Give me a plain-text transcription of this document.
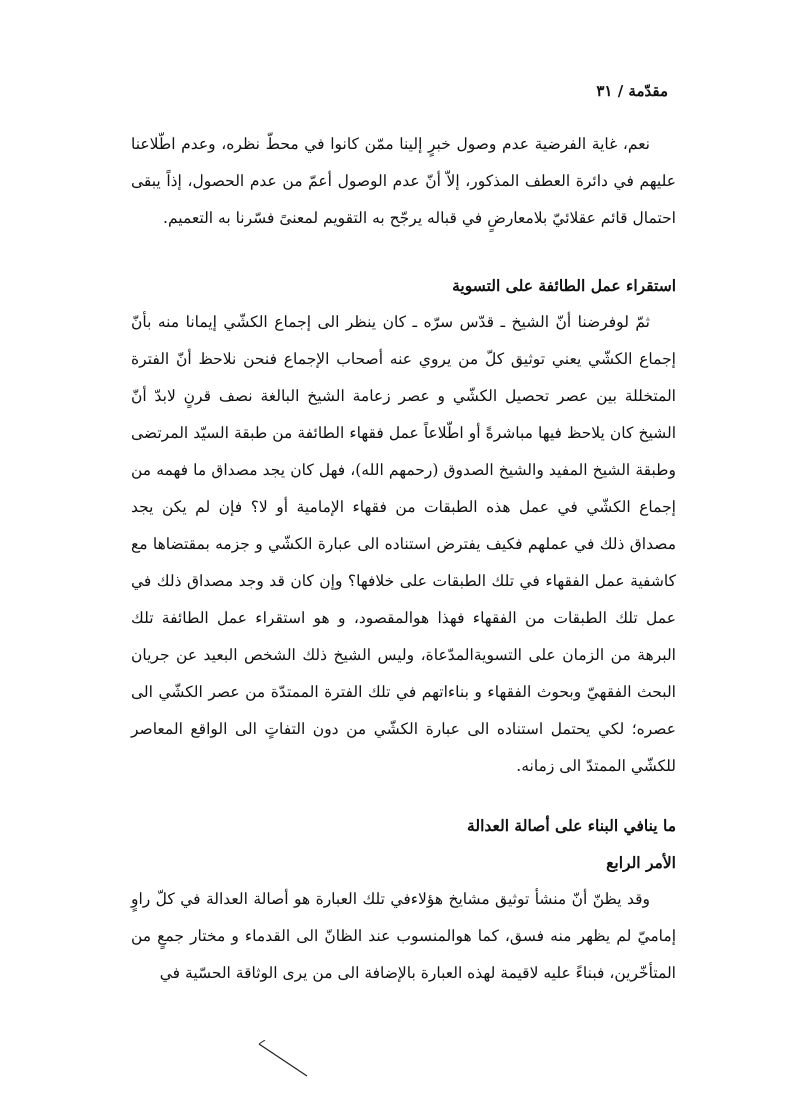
مقدّمة / ٣١

نعم، غاية الفرضية عدم وصول خبرٍ إلينا ممّن كانوا في محطّ نظره، وعدم اطّلاعنا عليهم في دائرة العطف المذكور، إلاّ أنّ عدم الوصول أعمّ من عدم الحصول، إذاً يبقى احتمال قائم عقلائيّ بلامعارضٍ في قباله يرجّح به التقويم لمعنىً فسّرنا به التعميم.

استقراء عمل الطائفة على التسوية

ثمّ لوفرضنا أنّ الشيخ ـ قدّس سرّه ـ كان ينظر الى إجماع الكشّي إيمانا منه بأنّ إجماع الكشّي يعني توثيق كلّ من يروي عنه أصحاب الإجماع فنحن نلاحظ أنّ الفترة المتخللة بين عصر تحصيل الكشّي و عصر زعامة الشيخ البالغة نصف قرنٍ لابدّ أنّ الشيخ كان يلاحظ فيها مباشرةً أو اطّلاعاً عمل فقهاء الطائفة من طبقة السيّد المرتضى وطبقة الشيخ المفيد والشيخ الصدوق (رحمهم الله)، فهل كان يجد مصداق ما فهمه من إجماع الكشّي في عمل هذه الطبقات من فقهاء الإمامية أو لا؟ فإن لم يكن يجد مصداق ذلك في عملهم فكيف يفترض استناده الى عبارة الكشّي و جزمه بمقتضاها مع كاشفية عمل الفقهاء في تلك الطبقات على خلافها؟ وإن كان قد وجد مصداق ذلك في عمل تلك الطبقات من الفقهاء فهذا هوالمقصود، و هو استقراء عمل الطائفة تلك البرهة من الزمان على التسويةالمدّعاة، وليس الشيخ ذلك الشخص البعيد عن جريان البحث الفقهيّ وبحوث الفقهاء و بناءاتهم في تلك الفترة الممتدّة من عصر الكشّي الى عصره؛ لكي يحتمل استناده الى عبارة الكشّي من دون التفاتٍ الى الواقع المعاصر للكشّي الممتدّ الى زمانه.

ما ينافي البناء على أصالة العدالة

الأمر الرابع

وقد يظنّ أنّ منشأ توثيق مشايخ هؤلاءفي تلك العبارة هو أصالة العدالة في كلّ راوٍ إماميّ لم يظهر منه فسق، كما هوالمنسوب عند الظانّ الى القدماء و مختار جمعٍ من المتأخّرين، فبناءً عليه لاقيمة لهذه العبارة بالإضافة الى من يرى الوثاقة الحسّية في
